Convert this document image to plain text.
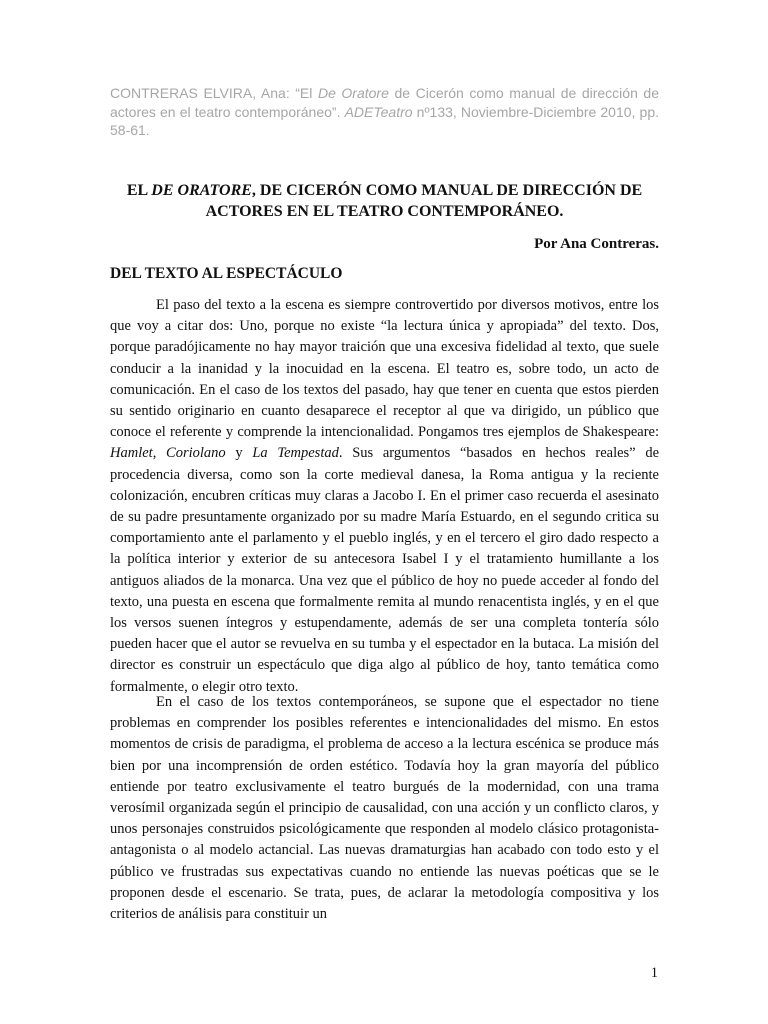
CONTRERAS ELVIRA, Ana: “El De Oratore de Cicerón como manual de dirección de actores en el teatro contemporáneo”. ADETeatro nº133, Noviembre-Diciembre 2010, pp. 58-61.
EL DE ORATORE, DE CICERÓN COMO MANUAL DE DIRECCIÓN DE ACTORES EN EL TEATRO CONTEMPORÁNEO.
Por Ana Contreras.
DEL TEXTO AL ESPECTÁCULO

El paso del texto a la escena es siempre controvertido por diversos motivos, entre los que voy a citar dos: Uno, porque no existe “la lectura única y apropiada” del texto. Dos, porque paradójicamente no hay mayor traición que una excesiva fidelidad al texto, que suele conducir a la inanidad y la inocuidad en la escena. El teatro es, sobre todo, un acto de comunicación. En el caso de los textos del pasado, hay que tener en cuenta que estos pierden su sentido originario en cuanto desaparece el receptor al que va dirigido, un público que conoce el referente y comprende la intencionalidad. Pongamos tres ejemplos de Shakespeare: Hamlet, Coriolano y La Tempestad. Sus argumentos “basados en hechos reales” de procedencia diversa, como son la corte medieval danesa, la Roma antigua y la reciente colonización, encubren críticas muy claras a Jacobo I. En el primer caso recuerda el asesinato de su padre presuntamente organizado por su madre María Estuardo, en el segundo critica su comportamiento ante el parlamento y el pueblo inglés, y en el tercero el giro dado respecto a la política interior y exterior de su antecesora Isabel I y el tratamiento humillante a los antiguos aliados de la monarca. Una vez que el público de hoy no puede acceder al fondo del texto, una puesta en escena que formalmente remita al mundo renacentista inglés, y en el que los versos suenen íntegros y estupendamente, además de ser una completa tontería sólo pueden hacer que el autor se revuelva en su tumba y el espectador en la butaca. La misión del director es construir un espectáculo que diga algo al público de hoy, tanto temática como formalmente, o elegir otro texto.

En el caso de los textos contemporáneos, se supone que el espectador no tiene problemas en comprender los posibles referentes e intencionalidades del mismo. En estos momentos de crisis de paradigma, el problema de acceso a la lectura escénica se produce más bien por una incomprensión de orden estético. Todavía hoy la gran mayoría del público entiende por teatro exclusivamente el teatro burgués de la modernidad, con una trama verosímil organizada según el principio de causalidad, con una acción y un conflicto claros, y unos personajes construidos psicológicamente que responden al modelo clásico protagonista-antagonista o al modelo actancial. Las nuevas dramaturgias han acabado con todo esto y el público ve frustradas sus expectativas cuando no entiende las nuevas poéticas que se le proponen desde el escenario. Se trata, pues, de aclarar la metodología compositiva y los criterios de análisis para constituir un

1
